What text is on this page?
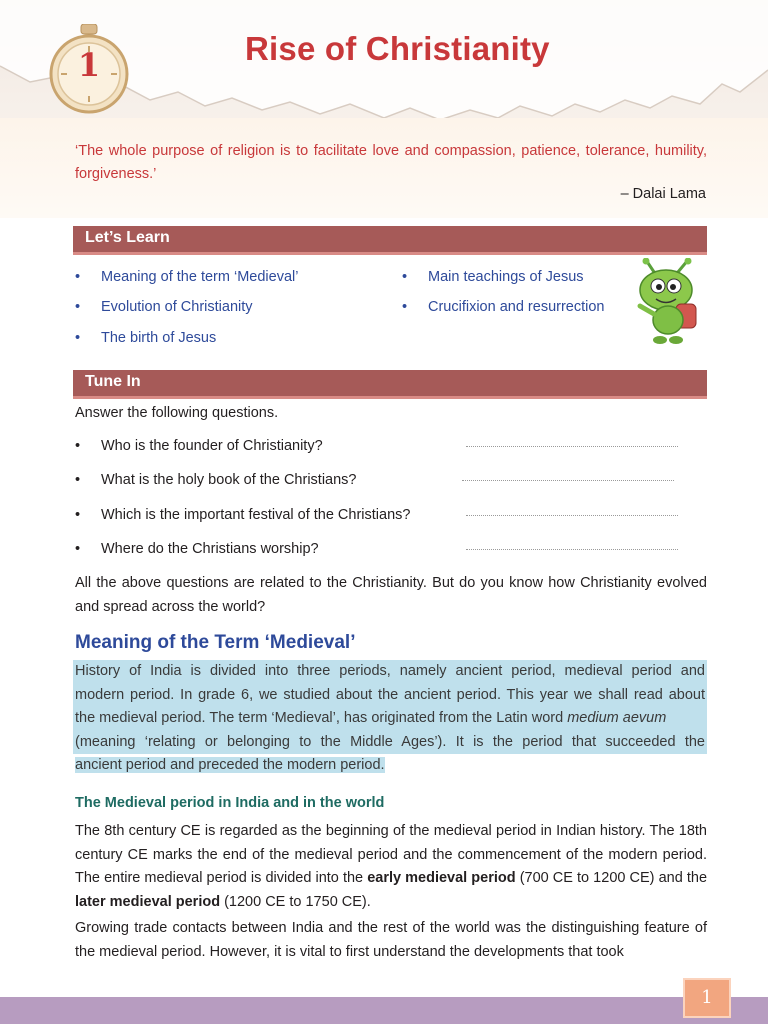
1	Rise of Christianity
‘The whole purpose of religion is to facilitate love and compassion, patience, tolerance, humility, forgiveness.’
– Dalai Lama
Let’s Learn
• Meaning of the term ‘Medieval’
• Evolution of Christianity
• The birth of Jesus
• Main teachings of Jesus
• Crucifixion and resurrection
Tune In
Answer the following questions.
• Who is the founder of Christianity?
• What is the holy book of the Christians?
• Which is the important festival of the Christians?
• Where do the Christians worship?
All the above questions are related to the Christianity. But do you know how Christianity evolved and spread across the world?
Meaning of the Term ‘Medieval’
History of India is divided into three periods, namely ancient period, medieval period and
modern period. In grade 6, we studied about the ancient period. This year we shall read about
the medieval period. The term ‘Medieval’, has originated from the Latin word medium aevum
(meaning ‘relating or belonging to the Middle Ages’). It is the period that succeeded the
ancient period and preceded the modern period.
The Medieval period in India and in the world
The 8th century CE is regarded as the beginning of the medieval period in Indian history. The 18th century CE marks the end of the medieval period and the commencement of the modern period. The entire medieval period is divided into the early medieval period (700 CE to 1200 CE) and the later medieval period (1200 CE to 1750 CE).
Growing trade contacts between India and the rest of the world was the distinguishing feature of the medieval period. However, it is vital to first understand the developments that took
1
